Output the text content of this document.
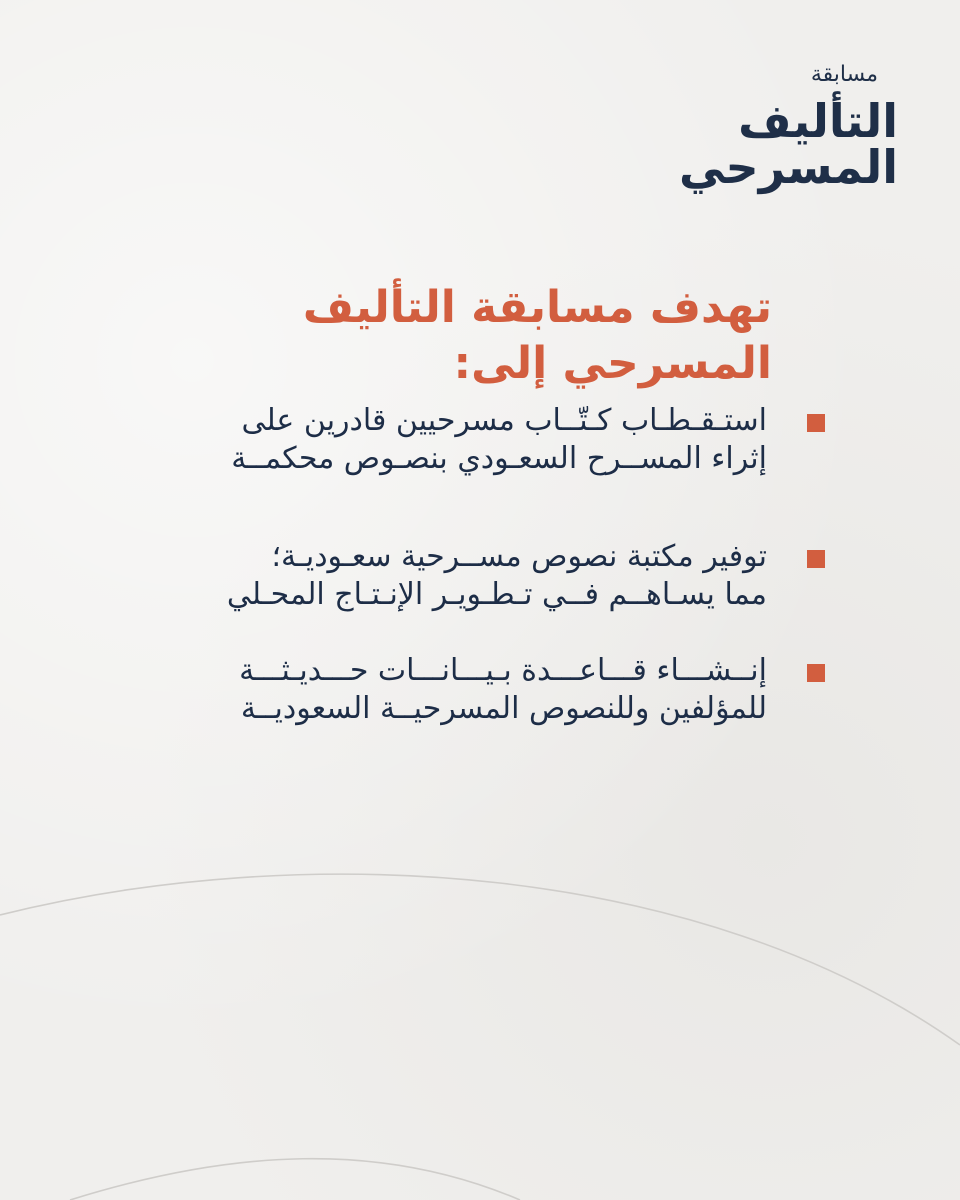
مسابقة
التأليف
المسرحي
تهدف مسابقة التأليف المسرحي إلى:

استـقـطـاب كـتّــاب مسرحيين قادرين على

إثراء المســرح السعـودي بنصـوص محكمــة

توفير مكتبة نصوص مســرحية سعـوديـة؛

مما يسـاهــم فــي تـطـويـر الإنـتـاج المحـلي

إنــشـــاء قـــاعـــدة بـيـــانـــات حـــديـثـــة

للمؤلفين وللنصوص المسرحيــة السعوديــة
